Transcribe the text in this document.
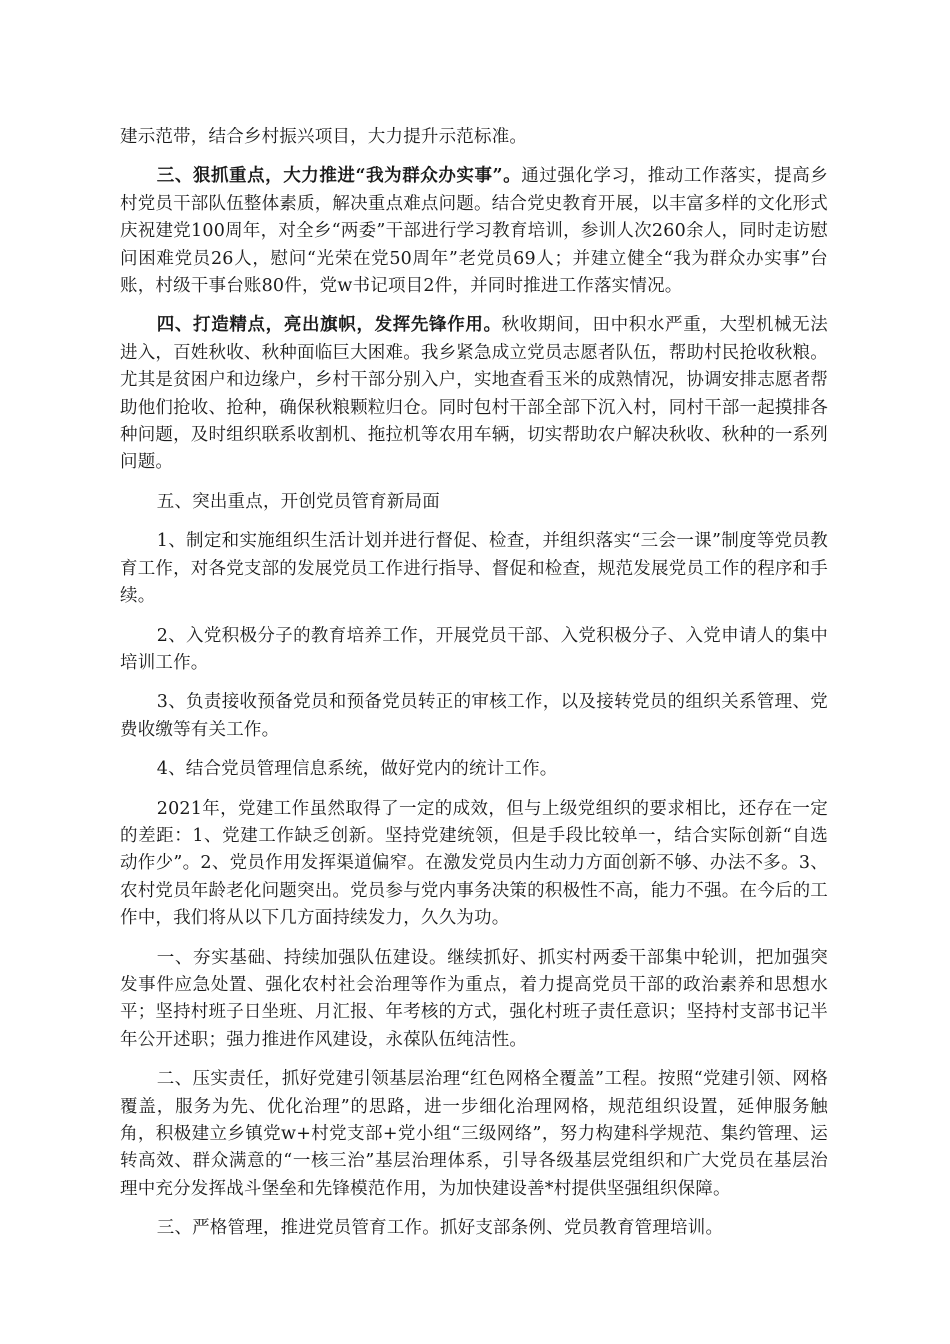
建示范带，结合乡村振兴项目，大力提升示范标准。

三、狠抓重点，大力推进“我为群众办实事”。通过强化学习，推动工作落实，提高乡村党员干部队伍整体素质，解决重点难点问题。结合党史教育开展，以丰富多样的文化形式庆祝建党100周年，对全乡“两委”干部进行学习教育培训，参训人次260余人，同时走访慰问困难党员26人，慰问“光荣在党50周年”老党员69人；并建立健全“我为群众办实事”台账，村级干事台账80件，党w书记项目2件，并同时推进工作落实情况。

四、打造精点，亮出旗帜，发挥先锋作用。秋收期间，田中积水严重，大型机械无法进入，百姓秋收、秋种面临巨大困难。我乡紧急成立党员志愿者队伍，帮助村民抢收秋粮。尤其是贫困户和边缘户，乡村干部分别入户，实地查看玉米的成熟情况，协调安排志愿者帮助他们抢收、抢种，确保秋粮颗粒归仓。同时包村干部全部下沉入村，同村干部一起摸排各种问题，及时组织联系收割机、拖拉机等农用车辆，切实帮助农户解决秋收、秋种的一系列问题。

五、突出重点，开创党员管育新局面

1、制定和实施组织生活计划并进行督促、检查，并组织落实“三会一课”制度等党员教育工作，对各党支部的发展党员工作进行指导、督促和检查，规范发展党员工作的程序和手续。

2、入党积极分子的教育培养工作，开展党员干部、入党积极分子、入党申请人的集中培训工作。

3、负责接收预备党员和预备党员转正的审核工作，以及接转党员的组织关系管理、党费收缴等有关工作。

4、结合党员管理信息系统，做好党内的统计工作。

2021年，党建工作虽然取得了一定的成效，但与上级党组织的要求相比，还存在一定的差距：1、党建工作缺乏创新。坚持党建统领，但是手段比较单一，结合实际创新“自选动作少”。2、党员作用发挥渠道偏窄。在激发党员内生动力方面创新不够、办法不多。3、农村党员年龄老化问题突出。党员参与党内事务决策的积极性不高，能力不强。在今后的工作中，我们将从以下几方面持续发力，久久为功。

一、夯实基础、持续加强队伍建设。继续抓好、抓实村两委干部集中轮训，把加强突发事件应急处置、强化农村社会治理等作为重点，着力提高党员干部的政治素养和思想水平；坚持村班子日坐班、月汇报、年考核的方式，强化村班子责任意识；坚持村支部书记半年公开述职；强力推进作风建设，永葆队伍纯洁性。

二、压实责任，抓好党建引领基层治理“红色网格全覆盖”工程。按照“党建引领、网格覆盖，服务为先、优化治理”的思路，进一步细化治理网格，规范组织设置，延伸服务触角，积极建立乡镇党w+村党支部+党小组“三级网络”，努力构建科学规范、集约管理、运转高效、群众满意的“一核三治”基层治理体系，引导各级基层党组织和广大党员在基层治理中充分发挥战斗堡垒和先锋模范作用，为加快建设善*村提供坚强组织保障。

三、严格管理，推进党员管育工作。抓好支部条例、党员教育管理培训。
